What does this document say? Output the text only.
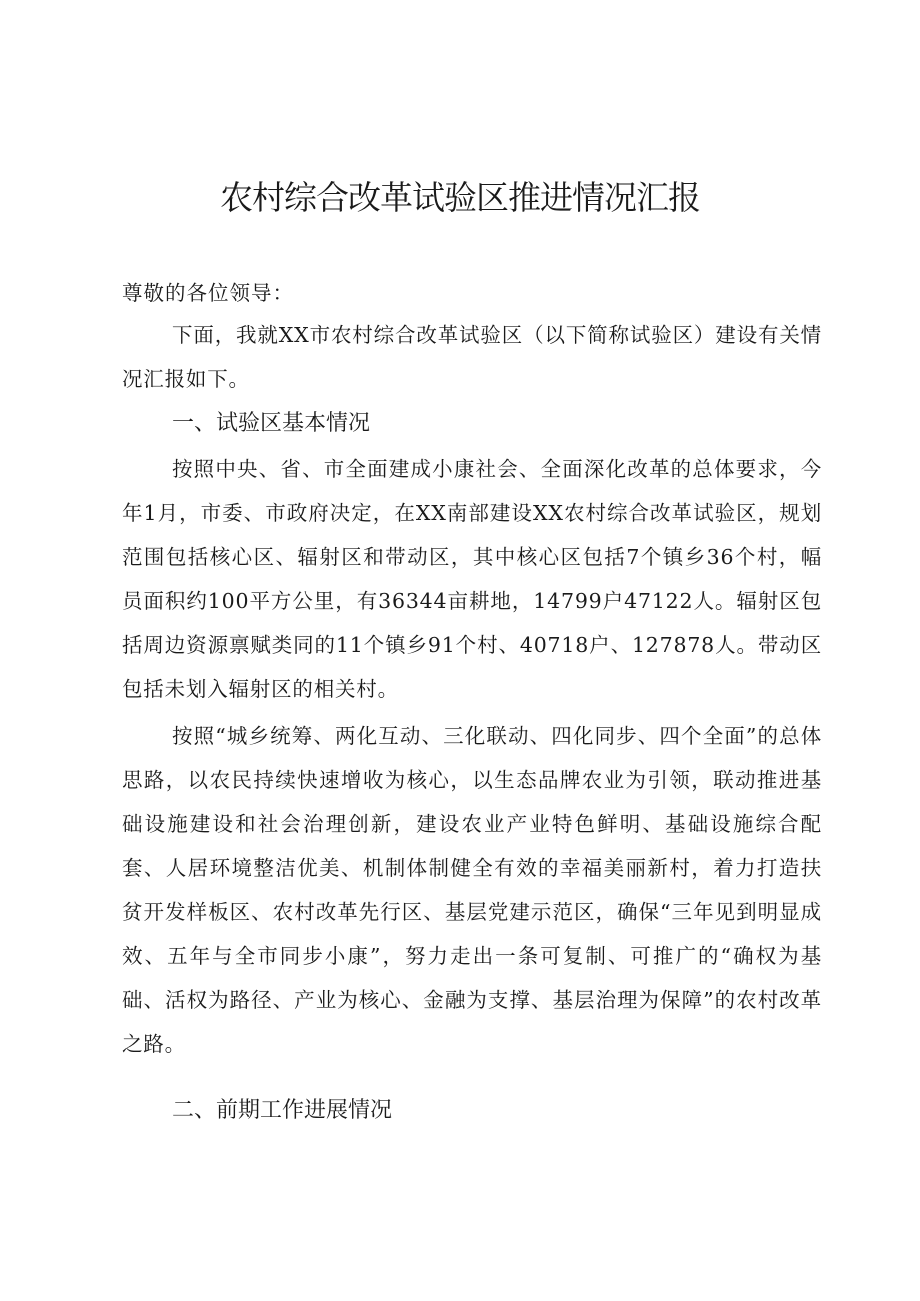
农村综合改革试验区推进情况汇报
尊敬的各位领导：

下面，我就XX市农村综合改革试验区（以下简称试验区）建设有关情况汇报如下。

一、试验区基本情况

按照中央、省、市全面建成小康社会、全面深化改革的总体要求，今年1月，市委、市政府决定，在XX南部建设XX农村综合改革试验区，规划范围包括核心区、辐射区和带动区，其中核心区包括7个镇乡36个村，幅员面积约100平方公里，有36344亩耕地，14799户47122人。辐射区包括周边资源禀赋类同的11个镇乡91个村、40718户、127878人。带动区包括未划入辐射区的相关村。

按照“城乡统筹、两化互动、三化联动、四化同步、四个全面”的总体思路，以农民持续快速增收为核心，以生态品牌农业为引领，联动推进基础设施建设和社会治理创新，建设农业产业特色鲜明、基础设施综合配套、人居环境整洁优美、机制体制健全有效的幸福美丽新村，着力打造扶贫开发样板区、农村改革先行区、基层党建示范区，确保“三年见到明显成效、五年与全市同步小康”，努力走出一条可复制、可推广的“确权为基础、活权为路径、产业为核心、金融为支撑、基层治理为保障”的农村改革之路。

二、前期工作进展情况
